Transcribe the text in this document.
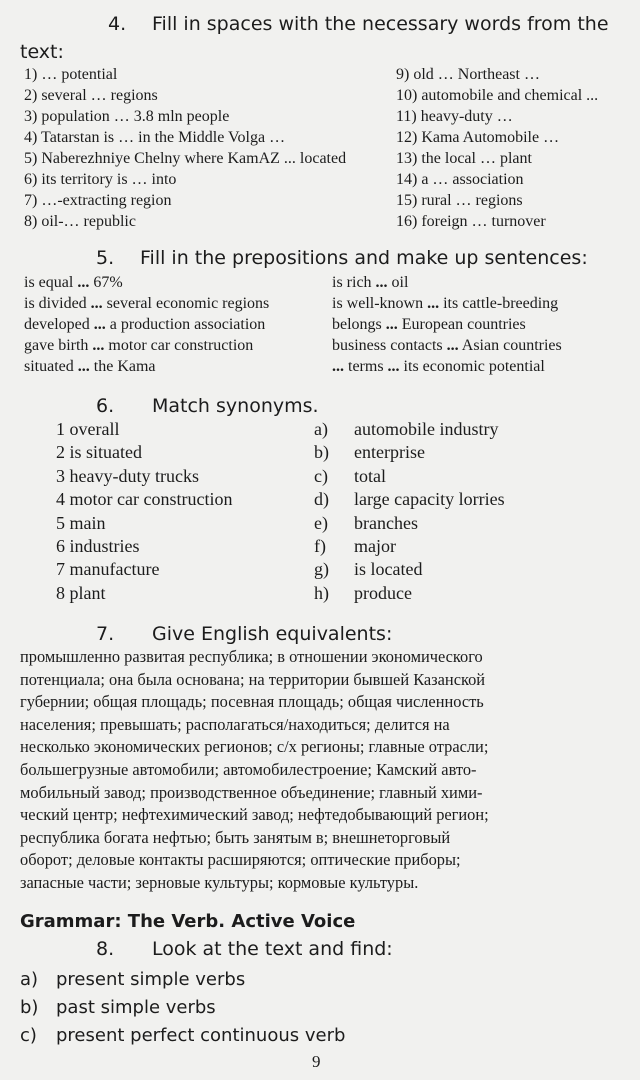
4. Fill in spaces with the necessary words from the
text:
1) … potential	9) old … Northeast …
2) several … regions	10) automobile and chemical ...
3) population … 3.8 mln people	11) heavy-duty …
4) Tatarstan is … in the Middle Volga …	12) Kama Automobile …
5) Naberezhniye Chelny where KamAZ ... located	13) the local … plant
6) its territory is … into	14) a … association
7) …-extracting region	15) rural … regions
8) oil-… republic	16) foreign … turnover
5. Fill in the prepositions and make up sentences:
is equal ... 67%	is rich ... oil
is divided ... several economic regions	is well-known ... its cattle-breeding
developed ... a production association	belongs ... European countries
gave birth ... motor car construction	business contacts ... Asian countries
situated ... the Kama	... terms ... its economic potential
6. Match synonyms.
1 overall	a) automobile industry
2 is situated	b) enterprise
3 heavy-duty trucks	c) total
4 motor car construction	d) large capacity lorries
5 main	e) branches
6 industries	f) major
7 manufacture	g) is located
8 plant	h) produce
7. Give English equivalents:

промышленно развитая республика; в отношении экономического

потенциала; она была основана; на территории бывшей Казанской

губернии; общая площадь; посевная площадь; общая численность

населения; превышать; располагаться/находиться; делится на

несколько экономических регионов; с/х регионы; главные отрасли;

большегрузные автомобили; автомобилестроение; Камский авто-

мобильный завод; производственное объединение; главный хими-

ческий центр; нефтехимический завод; нефтедобывающий регион;

республика богата нефтью; быть занятым в; внешнеторговый

оборот; деловые контакты расширяются; оптические приборы;

запасные части; зерновые культуры; кормовые культуры.

Grammar: The Verb. Active Voice
8. Look at the text and find:
a) present simple verbs
b) past simple verbs
c) present perfect continuous verb
9
